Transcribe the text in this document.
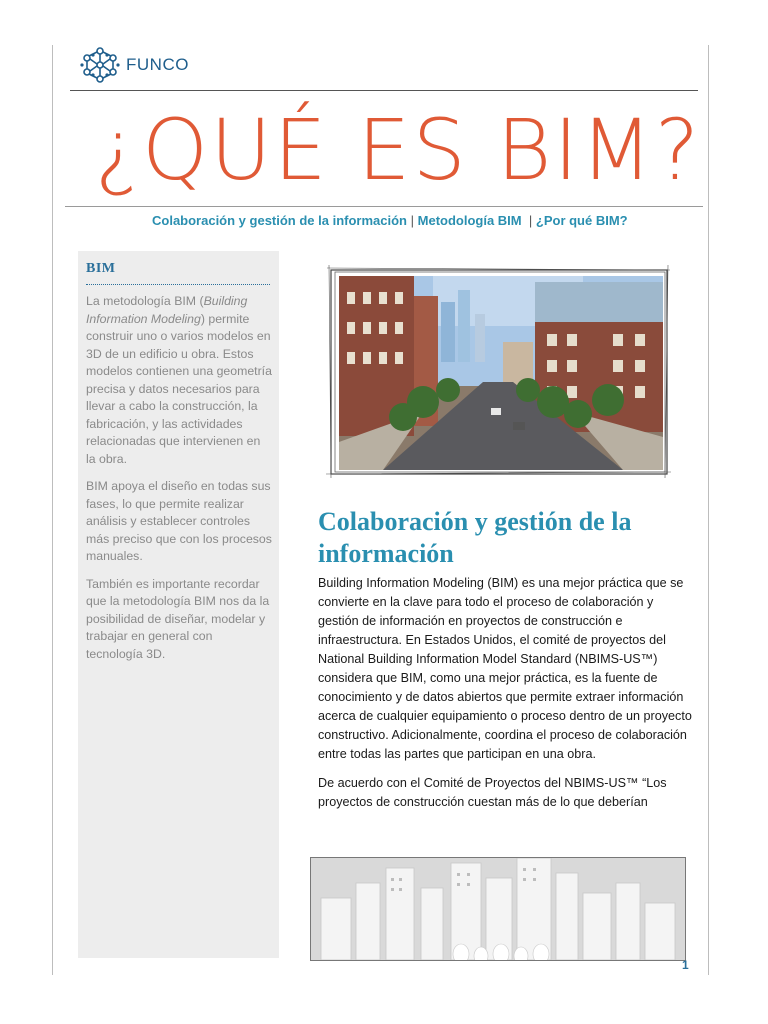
FUNCO
¿QUÉ ES BIM?
Colaboración y gestión de la información | Metodología BIM | ¿Por qué BIM?
BIM

La metodología BIM (Building Information Modeling) permite construir uno o varios modelos en 3D de un edificio u obra. Estos modelos contienen una geometría precisa y datos necesarios para llevar a cabo la construcción, la fabricación, y las actividades relacionadas que intervienen en la obra.

BIM apoya el diseño en todas sus fases, lo que permite realizar análisis y establecer controles más preciso que con los procesos manuales.

También es importante recordar que la metodología BIM nos da la posibilidad de diseñar, modelar y trabajar en general con tecnología 3D.

Colaboración y gestión de la información

Building Information Modeling (BIM) es una mejor práctica que se convierte en la clave para todo el proceso de colaboración y gestión de información en proyectos de construcción e infraestructura. En Estados Unidos, el comité de proyectos del National Building Information Model Standard (NBIMS-US™) considera que BIM, como una mejor práctica, es la fuente de conocimiento y de datos abiertos que permite extraer información acerca de cualquier equipamiento o proceso dentro de un proyecto constructivo. Adicionalmente, coordina el proceso de colaboración entre todas las partes que participan en una obra.

De acuerdo con el Comité de Proyectos del NBIMS-US™ “Los proyectos de construcción cuestan más de lo que deberían

1
